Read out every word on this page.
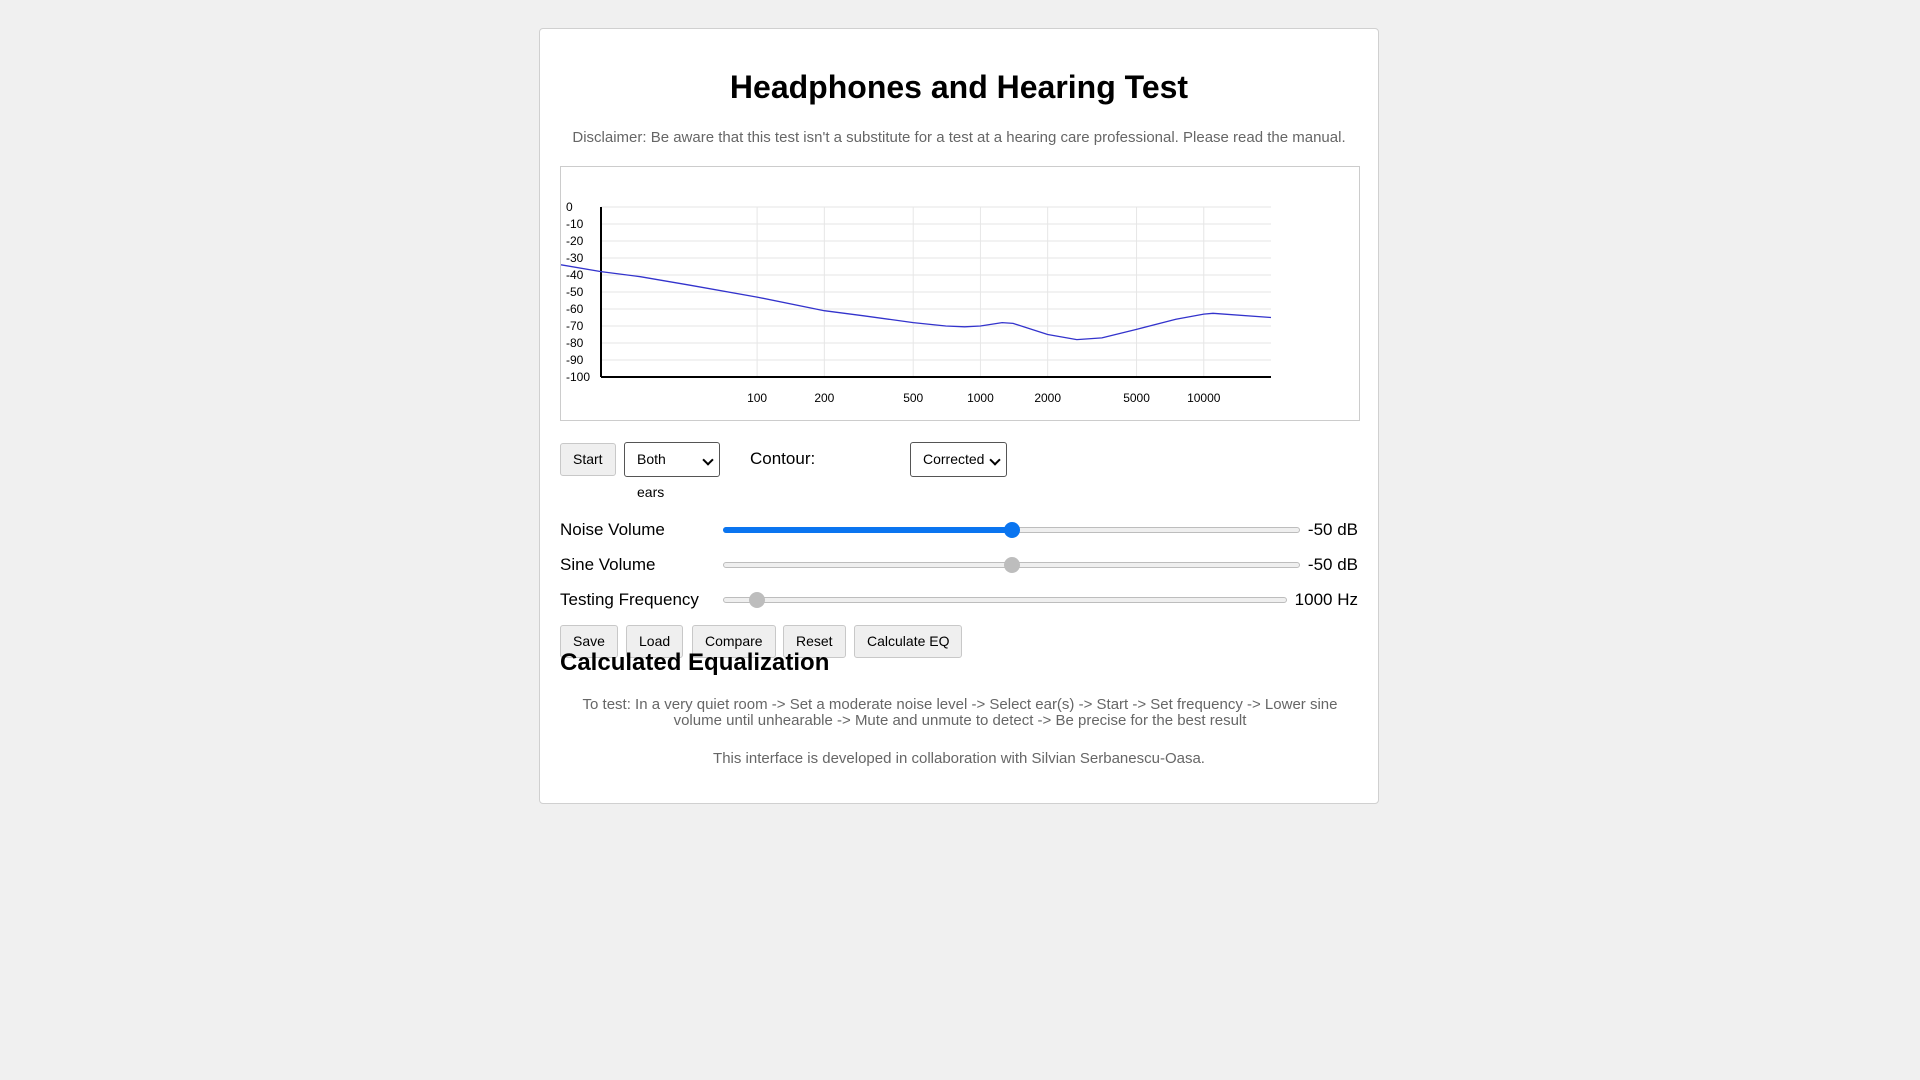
Headphones and Hearing Test
Disclaimer: Be aware that this test isn't a substitute for a test at a hearing care professional. Please read the manual.
0
-10
-20
-30
-40
-50
-60
-70
-80
-90
-100
100	200	500	1000	2000	5000	10000
Start	Both ears
Contour:	Corrected
Noise Volume	-50 dB
Sine Volume	-50 dB
Testing Frequency	1000 Hz
Save	Load	Compare	Reset	Calculate EQ
Calculated Equalization
To test: In a very quiet room -> Set a moderate noise level -> Select ear(s) -> Start -> Set frequency -> Lower sine volume until unhearable -> Mute and unmute to detect -> Be precise for the best result
This interface is developed in collaboration with Silvian Serbanescu-Oasa.
